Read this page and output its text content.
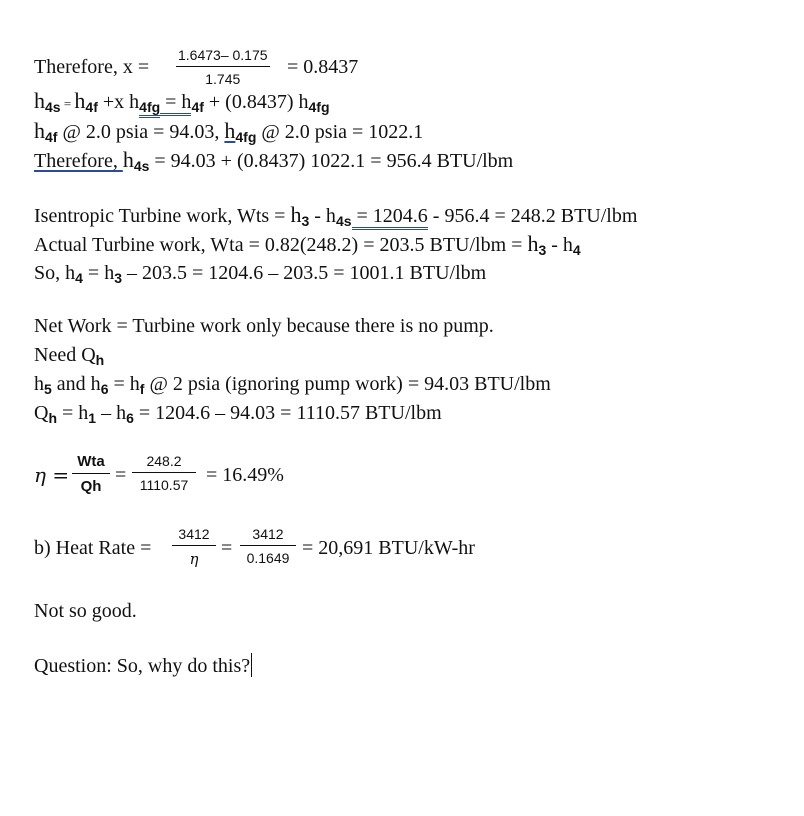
Therefore, x =
1.6473– 0.175
1.745
= 0.8437
$h_{4s} = h_{4f} +x$ $h_{4fg} = h_{4f} + (0.8437)$ $h_{4fg}$
$h_{4f}$ @ 2.0 psia = 94.03, $h_{4fg}$ @ 2.0 psia = 1022.1
Therefore, $h_{4s} = 94.03 + (0.8437) 1022.1 = 956.4$ BTU/lbm
Isentropic Turbine work, Wts = $h_3 - h_{4s} = 1204.6 - 956.4 = 248.2$ BTU/lbm
Actual Turbine work, Wta = 0.82(248.2) = 203.5 $BTU/lbm = h_3 - h_4$
So, $h_4 = h_3 - 203.5 = 1204.6 - 203.5 = 1001.1$ BTU/lbm
Net Work = Turbine work only because there is no pump.
Need $Q_h$
$h_5$ and $h_6 = h_f$ @ 2 psia (ignoring pump work) = 94.03 BTU/lbm
$Q_h = h_1 - h_6 = 1204.6 - 94.03 = 1110.57$ BTU/lbm
η =
Wta
Qh
=
248.2
1110.57 = 16.49%
b) Heat Rate =
3412
η	=
3412
0.1649 = 20,691 BTU/kW-hr
Not so good.
Question: So, why do this?
